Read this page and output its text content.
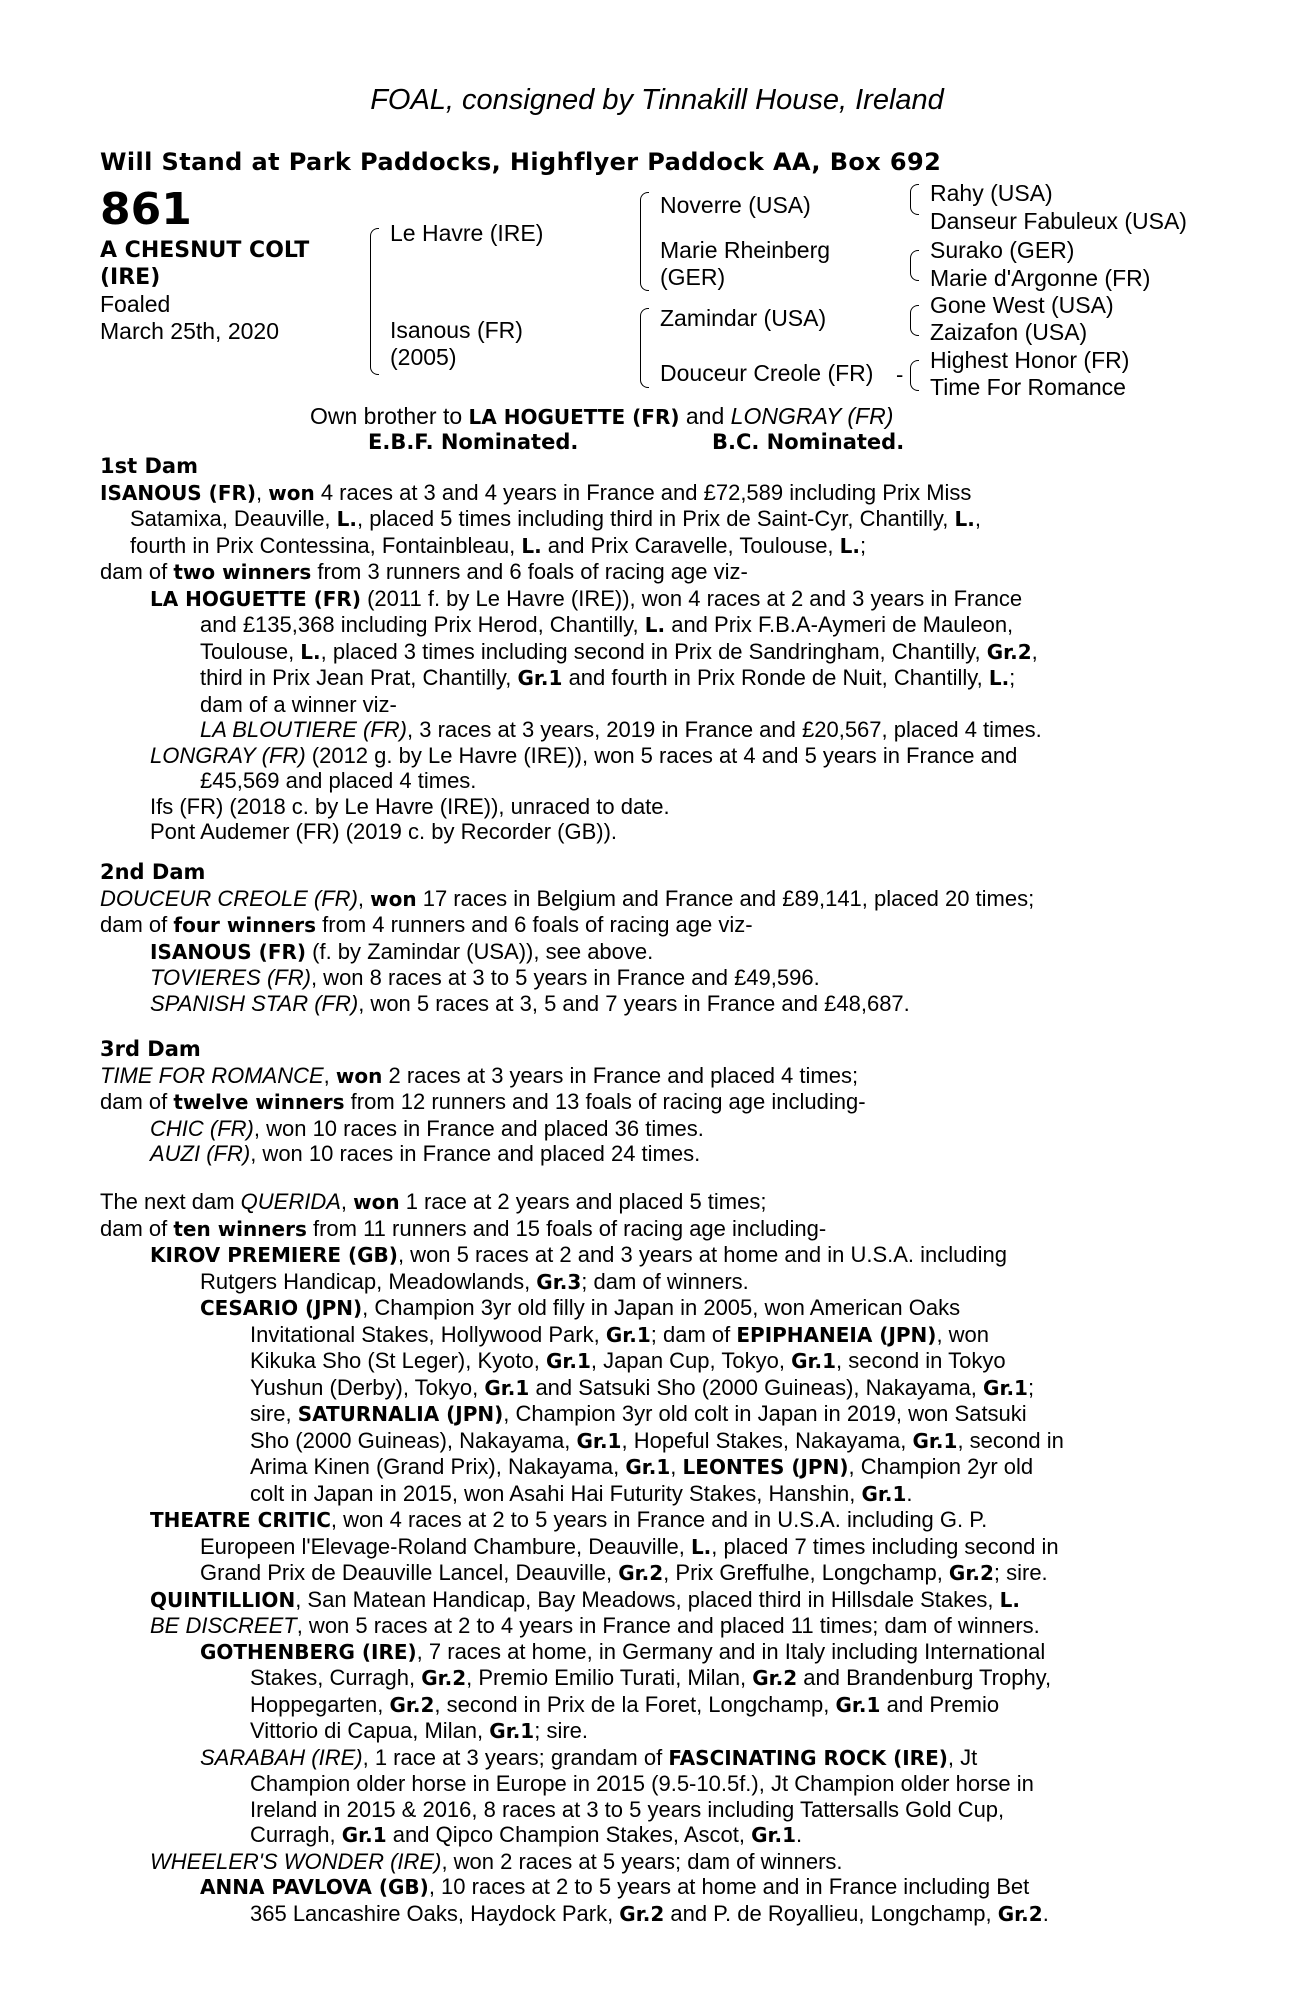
FOAL, consigned by Tinnakill House, Ireland
Will Stand at Park Paddocks, Highflyer Paddock AA, Box 692
861
A CHESNUT COLT
(IRE)
Foaled
March 25th, 2020
Le Havre (IRE)
Isanous (FR)
(2005)
Noverre (USA)
Marie Rheinberg
(GER)
Zamindar (USA)
Douceur Creole (FR)
Rahy (USA)
Danseur Fabuleux (USA)
Surako (GER)
Marie d'Argonne (FR)
Gone West (USA)
Zaizafon (USA)
‑
Highest Honor (FR)
Time For Romance
Own brother to LA HOGUETTE (FR) and LONGRAY (FR)
E.B.F. Nominated.	B.C. Nominated.
1st Dam
ISANOUS (FR), won 4 races at 3 and 4 years in France and £72,589 including Prix Miss
Satamixa, Deauville, L., placed 5 times including third in Prix de Saint-Cyr, Chantilly, L.,
fourth in Prix Contessina, Fontainbleau, L. and Prix Caravelle, Toulouse, L.;
dam of two winners from 3 runners and 6 foals of racing age viz-
LA HOGUETTE (FR) (2011 f. by Le Havre (IRE)), won 4 races at 2 and 3 years in France
and £135,368 including Prix Herod, Chantilly, L. and Prix F.B.A-Aymeri de Mauleon,
Toulouse, L., placed 3 times including second in Prix de Sandringham, Chantilly, Gr.2,
third in Prix Jean Prat, Chantilly, Gr.1 and fourth in Prix Ronde de Nuit, Chantilly, L.;
dam of a winner viz-
LA BLOUTIERE (FR), 3 races at 3 years, 2019 in France and £20,567, placed 4 times.
LONGRAY (FR) (2012 g. by Le Havre (IRE)), won 5 races at 4 and 5 years in France and
£45,569 and placed 4 times.
Ifs (FR) (2018 c. by Le Havre (IRE)), unraced to date.
Pont Audemer (FR) (2019 c. by Recorder (GB)).
2nd Dam
DOUCEUR CREOLE (FR), won 17 races in Belgium and France and £89,141, placed 20 times;
dam of four winners from 4 runners and 6 foals of racing age viz-
ISANOUS (FR) (f. by Zamindar (USA)), see above.
TOVIERES (FR), won 8 races at 3 to 5 years in France and £49,596.
SPANISH STAR (FR), won 5 races at 3, 5 and 7 years in France and £48,687.
3rd Dam
TIME FOR ROMANCE, won 2 races at 3 years in France and placed 4 times;
dam of twelve winners from 12 runners and 13 foals of racing age including-
CHIC (FR), won 10 races in France and placed 36 times.
AUZI (FR), won 10 races in France and placed 24 times.
The next dam QUERIDA, won 1 race at 2 years and placed 5 times;
dam of ten winners from 11 runners and 15 foals of racing age including-
KIROV PREMIERE (GB), won 5 races at 2 and 3 years at home and in U.S.A. including
Rutgers Handicap, Meadowlands, Gr.3; dam of winners.
CESARIO (JPN), Champion 3yr old filly in Japan in 2005, won American Oaks
Invitational Stakes, Hollywood Park, Gr.1; dam of EPIPHANEIA (JPN), won
Kikuka Sho (St Leger), Kyoto, Gr.1, Japan Cup, Tokyo, Gr.1, second in Tokyo
Yushun (Derby), Tokyo, Gr.1 and Satsuki Sho (2000 Guineas), Nakayama, Gr.1;
sire, SATURNALIA (JPN), Champion 3yr old colt in Japan in 2019, won Satsuki
Sho (2000 Guineas), Nakayama, Gr.1, Hopeful Stakes, Nakayama, Gr.1, second in
Arima Kinen (Grand Prix), Nakayama, Gr.1, LEONTES (JPN), Champion 2yr old
colt in Japan in 2015, won Asahi Hai Futurity Stakes, Hanshin, Gr.1.
THEATRE CRITIC, won 4 races at 2 to 5 years in France and in U.S.A. including G. P.
Europeen l'Elevage-Roland Chambure, Deauville, L., placed 7 times including second in
Grand Prix de Deauville Lancel, Deauville, Gr.2, Prix Greffulhe, Longchamp, Gr.2; sire.
QUINTILLION, San Matean Handicap, Bay Meadows, placed third in Hillsdale Stakes, L.
BE DISCREET, won 5 races at 2 to 4 years in France and placed 11 times; dam of winners.
GOTHENBERG (IRE), 7 races at home, in Germany and in Italy including International
Stakes, Curragh, Gr.2, Premio Emilio Turati, Milan, Gr.2 and Brandenburg Trophy,
Hoppegarten, Gr.2, second in Prix de la Foret, Longchamp, Gr.1 and Premio
Vittorio di Capua, Milan, Gr.1; sire.
SARABAH (IRE), 1 race at 3 years; grandam of FASCINATING ROCK (IRE), Jt
Champion older horse in Europe in 2015 (9.5-10.5f.), Jt Champion older horse in
Ireland in 2015 & 2016, 8 races at 3 to 5 years including Tattersalls Gold Cup,
Curragh, Gr.1 and Qipco Champion Stakes, Ascot, Gr.1.
WHEELER'S WONDER (IRE), won 2 races at 5 years; dam of winners.
ANNA PAVLOVA (GB), 10 races at 2 to 5 years at home and in France including Bet
365 Lancashire Oaks, Haydock Park, Gr.2 and P. de Royallieu, Longchamp, Gr.2.
